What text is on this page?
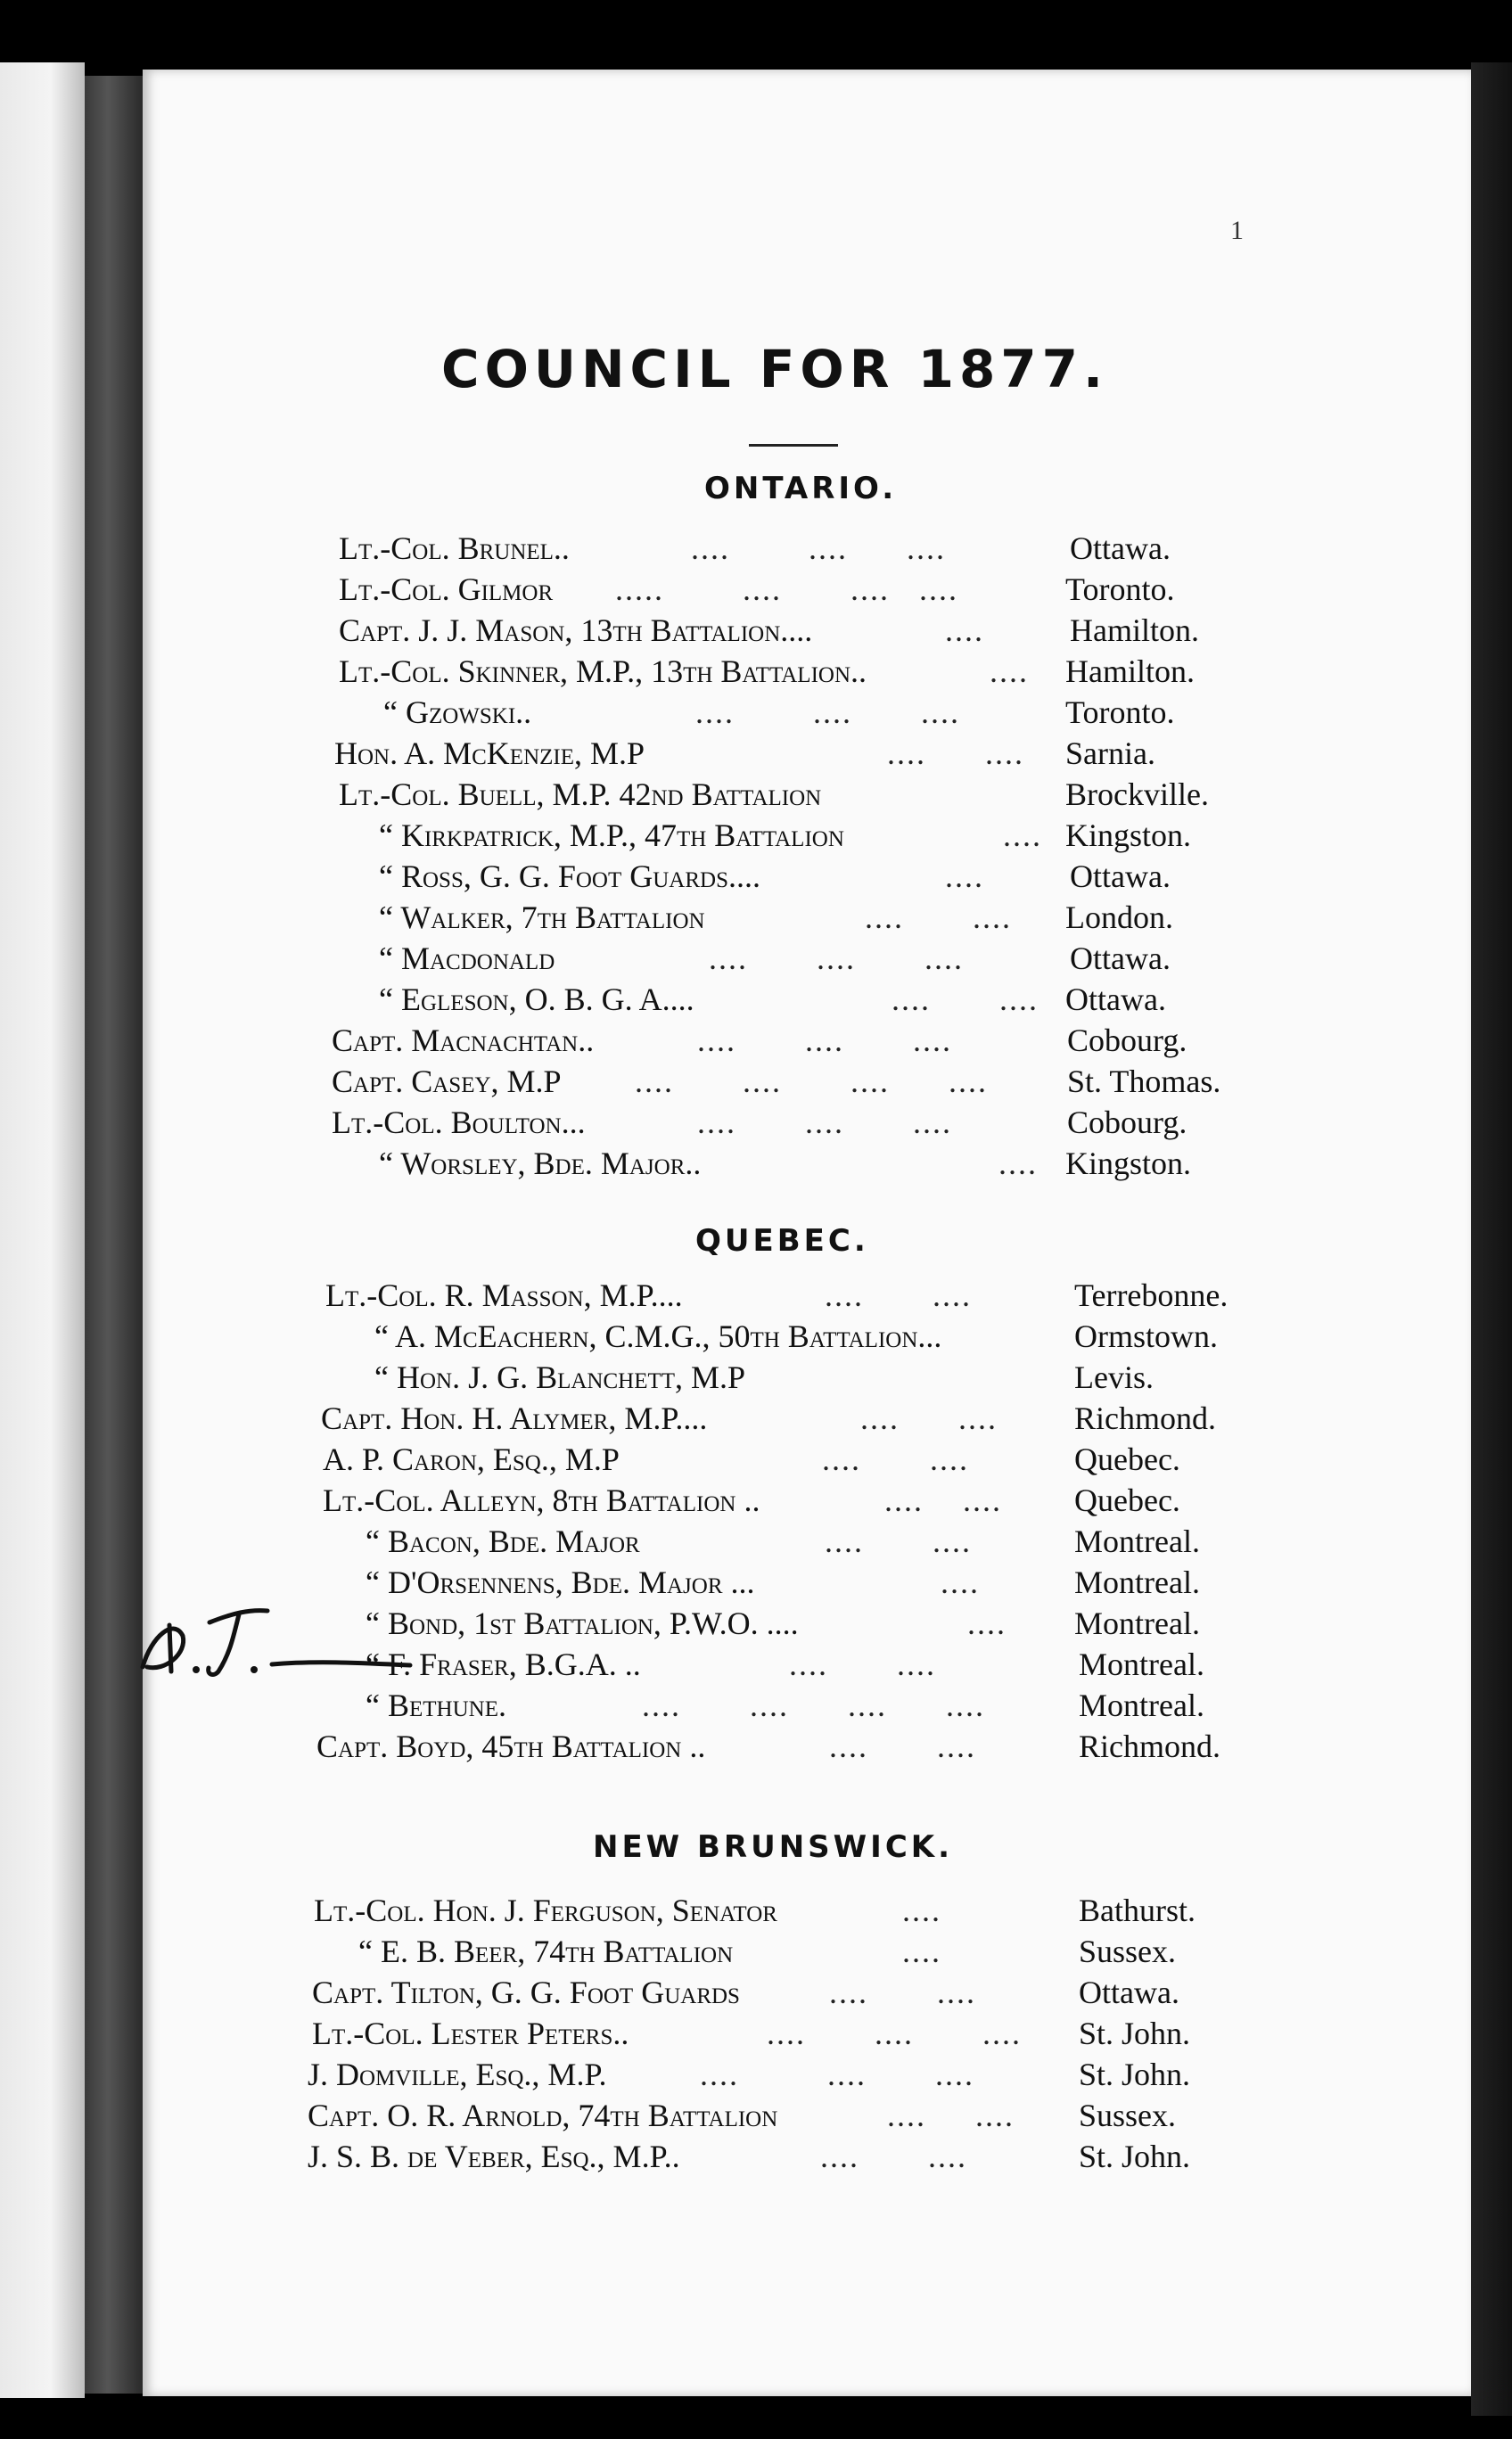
1
COUNCIL FOR 1877.
ONTARIO.
QUEBEC.
NEW BRUNSWICK.
Lt.-Col. Brunel..	....        ....      ....	Ottawa.
Lt.-Col. Gilmor .....        ....       ....   ....	Toronto.
Capt. J. J. Mason, 13th Battalion....	....	Hamilton.
Lt.-Col. Skinner, M.P., 13th Battalion..	.... Hamilton.
“ Gzowski..	....        ....       ....	Toronto.
Hon. A. McKenzie, M.P	....      .... Sarnia.
Lt.-Col. Buell, M.P. 42nd Battalion	Brockville.
“ Kirkpatrick, M.P., 47th Battalion	.... Kingston.
“ Ross, G. G. Foot Guards....	....	Ottawa.
“ Walker, 7th Battalion	....       .... London.
“ Macdonald	....       ....       ....	Ottawa.
“ Egleson, O. B. G. A....	....       .... Ottawa.
Capt. Macnachtan..	....       ....       ....	Cobourg.
Capt. Casey, M.P ....       ....       ....      .... St. Thomas.
Lt.-Col. Boulton...	....       ....       ....	Cobourg.
“ Worsley, Bde. Major..	.... Kingston.
Lt.-Col. R. Masson, M.P....	....       ....	Terrebonne.
“ A. McEachern, C.M.G., 50th Battalion...	Ormstown.
“ Hon. J. G. Blanchett, M.P	Levis.
Capt. Hon. H. Alymer, M.P....	....      .... Richmond.
A. P. Caron, Esq., M.P	....       ....	Quebec.
Lt.-Col. Alleyn, 8th Battalion ..	....    .... Quebec.
“ Bacon, Bde. Major	....       ....	Montreal.
“ D'Orsennens, Bde. Major ...	....	Montreal.
“ Bond, 1st Battalion, P.W.O. ....	.... Montreal.
“ F. Fraser, B.G.A. ..	....       ....	Montreal.
“ Bethune.	....       ....      ....      ....	Montreal.
Capt. Boyd, 45th Battalion ..	....       ....	Richmond.
Lt.-Col. Hon. J. Ferguson, Senator	....	Bathurst.
“ E. B. Beer, 74th Battalion	....	Sussex.
Capt. Tilton, G. G. Foot Guards	....       ....	Ottawa.
Lt.-Col. Lester Peters..	....       ....       .... St. John.
J. Domville, Esq., M.P.	....         ....       ....	St. John.
Capt. O. R. Arnold, 74th Battalion	....     .... Sussex.
J. S. B. de Veber, Esq., M.P..	....       ....	St. John.
